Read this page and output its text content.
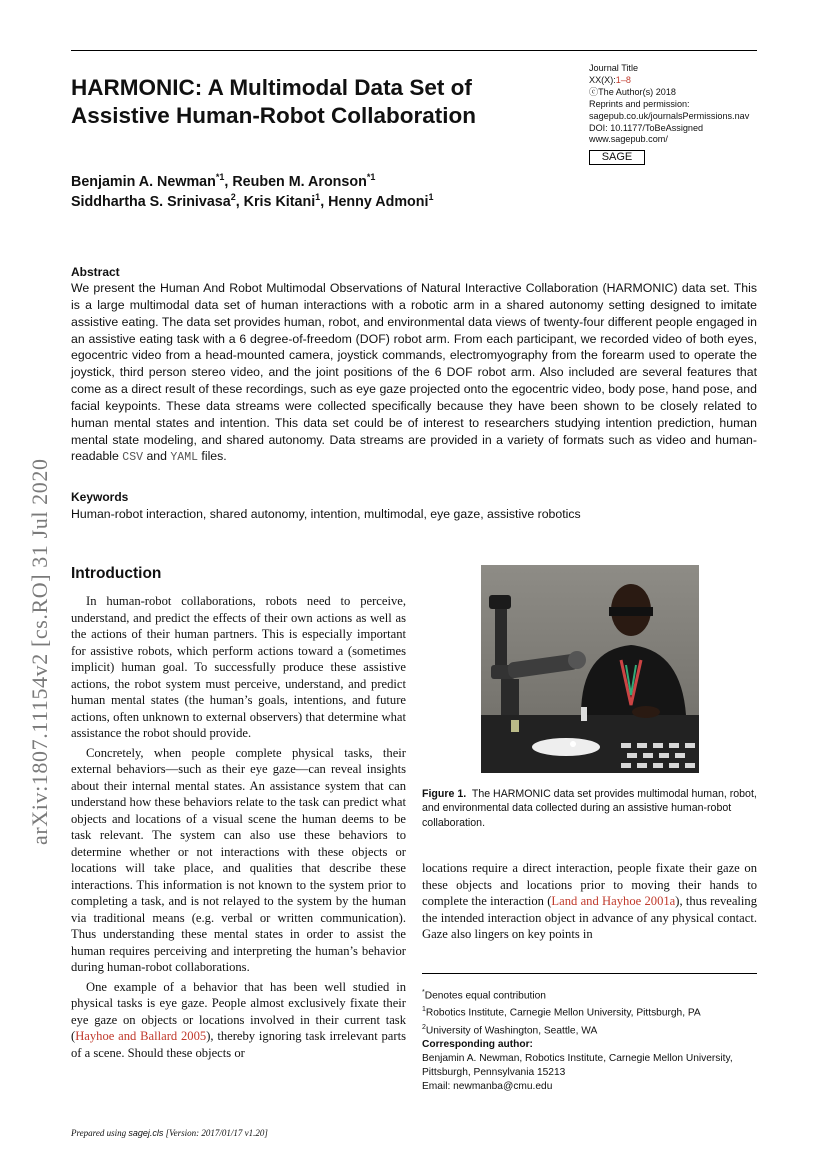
HARMONIC: A Multimodal Data Set of
Assistive Human-Robot Collaboration
Journal Title
XX(X):1–8
ⓒThe Author(s) 2018
Reprints and permission:
sagepub.co.uk/journalsPermissions.nav
DOI: 10.1177/ToBeAssigned
www.sagepub.com/
SAGE
Benjamin A. Newman$^{*1}$, Reuben M. Aronson$^{*1}$
Siddhartha S. Srinivasa$^2$, Kris Kitani$^1$, Henny Admoni$^1$
Abstract
We present the Human And Robot Multimodal Observations of Natural Interactive Collaboration (HARMONIC) data set. This is a large multimodal data set of human interactions with a robotic arm in a shared autonomy setting designed to imitate assistive eating. The data set provides human, robot, and environmental data views of twenty-four different people engaged in an assistive eating task with a 6 degree-of-freedom (DOF) robot arm. From each participant, we recorded video of both eyes, egocentric video from a head-mounted camera, joystick commands, electromyography from the forearm used to operate the joystick, third person stereo video, and the joint positions of the 6 DOF robot arm. Also included are several features that come as a direct result of these recordings, such as eye gaze projected onto the egocentric video, body pose, hand pose, and facial keypoints. These data streams were collected specifically because they have been shown to be closely related to human mental states and intention. This data set could be of interest to researchers studying intention prediction, human mental state modeling, and shared autonomy. Data streams are provided in a variety of formats such as video and human-readable CSV and YAML files.
Keywords
Human-robot interaction, shared autonomy, intention, multimodal, eye gaze, assistive robotics
Introduction

In human-robot collaborations, robots need to perceive, understand, and predict the effects of their own actions as well as the actions of their human partners. This is especially important for assistive robots, which perform actions toward a (sometimes implicit) human goal. To successfully produce these assistive actions, the robot system must perceive, understand, and predict human mental states (the human’s goals, intentions, and future actions, often unknown to external observers) that determine what assistance the robot should provide.

Concretely, when people complete physical tasks, their external behaviors—such as their eye gaze—can reveal insights about their internal mental states. An assistance system that can understand how these behaviors relate to the task can predict what objects and locations of a visual scene the human deems to be task relevant. The system can also use these behaviors to determine whether or not interactions with these objects or locations will take place, and qualities that describe these interactions. This information is not known to the system prior to completing a task, and is not relayed to the system by the human via traditional means (e.g. verbal or written communication). Thus understanding these mental states in order to assist the human requires perceiving and interpreting the human’s behavior during human-robot collaborations.

One example of a behavior that has been well studied in physical tasks is eye gaze. People almost exclusively fixate their eye gaze on objects or locations involved in their current task (Hayhoe and Ballard 2005), thereby ignoring task irrelevant parts of a scene. Should these objects or

Figure 1. The HARMONIC data set provides multimodal human, robot, and environmental data collected during an assistive human-robot collaboration.

locations require a direct interaction, people fixate their gaze on these objects and locations prior to moving their hands to complete the interaction (Land and Hayhoe 2001a), thus revealing the intended interaction object in advance of any physical contact. Gaze also lingers on key points in

*Denotes equal contribution

$^1$Robotics Institute, Carnegie Mellon University, Pittsburgh, PA

$^2$University of Washington, Seattle, WA

Corresponding author:

Benjamin A. Newman, Robotics Institute, Carnegie Mellon University, Pittsburgh, Pennsylvania 15213

Email: newmanba@cmu.edu

arXiv:1807.11154v2 [cs.RO] 31 Jul 2020
Prepared using sagej.cls [Version: 2017/01/17 v1.20]
